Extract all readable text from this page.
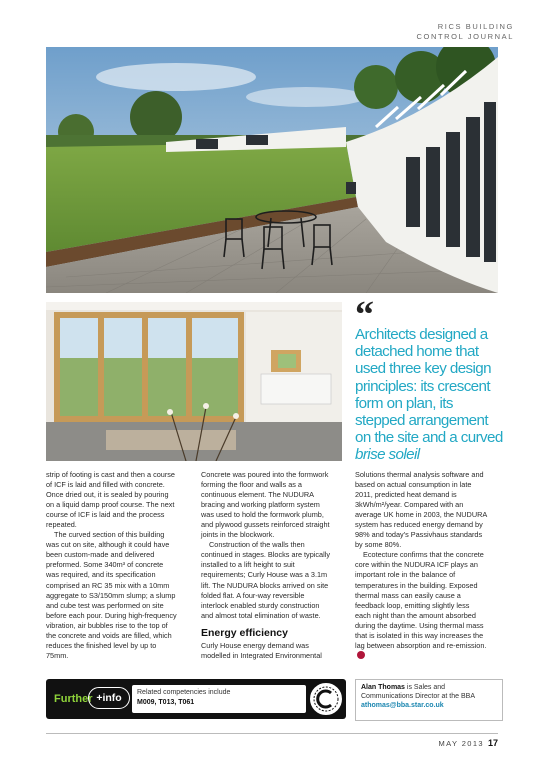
RICS BUILDING
CONTROL JOURNAL
“
Architects designed a detached home that used three key design principles: its crescent form on plan, its stepped arrangement on the site and a curved brise soleil

strip of footing is cast and then a course of ICF is laid and filled with concrete. Once dried out, it is sealed by pouring on a liquid damp proof course. The next course of ICF is laid and the process repeated.

The curved section of this building was cut on site, although it could have been custom-made and delivered preformed. Some 340m³ of concrete was required, and its specification comprised an RC 35 mix with a 10mm aggregate to S3/150mm slump; a slump and cube test was performed on site before each pour. During high-frequency vibration, air bubbles rise to the top of the concrete and voids are filled, which reduces the finished level by up to 75mm.

Concrete was poured into the formwork forming the floor and walls as a continuous element. The NUDURA bracing and working platform system was used to hold the formwork plumb, and plywood gussets reinforced straight joints in the blockwork.

Construction of the walls then continued in stages. Blocks are typically installed to a lift height to suit requirements; Curly House was a 3.1m lift. The NUDURA blocks arrived on site folded flat. A four-way reversible interlock enabled sturdy construction and almost total elimination of waste.

Energy efficiency

Curly House energy demand was modelled in Integrated Environmental

Solutions thermal analysis software and based on actual consumption in late 2011, predicted heat demand is 3kWh/m²/year. Compared with an average UK home in 2003, the NUDURA system has reduced energy demand by 98% and today's Passivhaus standards by some 80%.

Ecotecture confirms that the concrete core within the NUDURA ICF plays an important role in the balance of temperatures in the building. Exposed thermal mass can easily cause a feedback loop, emitting slightly less each night than the amount absorbed during the daytime. Using thermal mass that is isolated in this way increases the lag between absorption and re-emission.

Further +info	Related competencies include
M009, T013, T061
Alan Thomas is Sales and Communications Director at the BBA
athomas@bba.star.co.uk
MAY 2013 17
